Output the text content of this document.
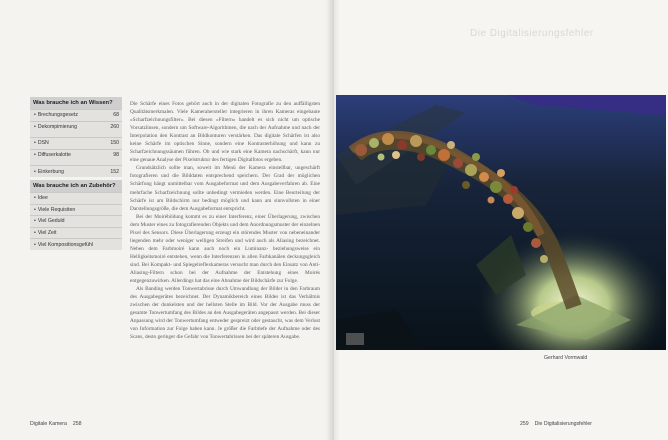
Was brauche ich an Wissen?
• Brechungsgesetz	68
• Dekompimierung	260
• DSN	150
• Diffuserkalotte	98
• Einkerbung	152
Was brauche ich an Zubehör?
• Idee
• Viele Requisiten
• Viel Geduld
• Viel Zeit
• Viel Kompositionsgefühl

Die Schärfe eines Fotos gehört auch in der digitalen Fotografie zu den auffälligsten Qualitätsmerkmalen. Viele Kamerahersteller integrieren in ihren Kameras eingebaute »Scharfzeichnungsfilter«. Bei diesen »Filtern« handelt es sich nicht um optische Vorsatzlinsen, sondern um Software-Algorithmen, die nach der Aufnahme und nach der Interpolation den Kontrast an Bildkonturen verstärken. Das digitale Schärfen ist also keine Schärfe im optischen Sinne, sondern eine Kontrasterhöhung und kann zu Scharfzeichnungssäumen führen. Ob und wie stark eine Kamera nachschärft, kann nur eine genaue Analyse der Pixelstruktur des fertigen Digitalfotos ergeben.

Grundsätzlich sollte man, soweit im Menü der Kamera einstellbar, ungeschärft fotografieren und die Bilddaten entsprechend speichern. Der Grad der möglichen Schärfung hängt unmittelbar vom Ausgabeformat und dem Ausgabeverfahren ab. Eine mehrfache Scharfzeichnung sollte unbedingt vermieden werden. Eine Beurteilung der Schärfe ist am Bildschirm nur bedingt möglich und kann am sinnvollsten in einer Darstellungsgröße, die dem Ausgabeformat entspricht.

Bei der Moirébildung kommt es zu einer Interferenz, einer Überlagerung, zwischen dem Muster eines zu fotografierenden Objekts und dem Anordnungsmuster der einzelnen Pixel des Sensors. Diese Überlagerung erzeugt ein störendes Muster von nebeneinander liegenden mehr oder weniger welligen Streifen und wird auch als Aliasing bezeichnet. Neben dem Farbmoiré kann auch noch ein Luminanz- beziehungsweise ein Helligkeitsmoiré entstehen, wenn die Interferenzen in allen Farbkanälen deckungsgleich sind. Bei Kompakt- und Spiegelreflexkameras versucht man durch den Einsatz von Anti-Aliasing-Filtern schon bei der Aufnahme der Entstehung eines Moirés entgegenzuwirken. Allerdings hat das eine Abnahme der Bildschärfe zur Folge.

Als Banding werden Tonwertabrisse durch Umwandlung der Bilder in den Farbraum des Ausgabegerätes bezeichnet. Der Dynamikbereich eines Bildes ist das Verhältnis zwischen der dunkelsten und der hellsten Stelle im Bild. Vor der Ausgabe muss der gesamte Tonwertumfang des Bildes an den Ausgabegeräten angepasst werden. Bei dieser Anpassung wird der Tonwertumfang entweder gespreizt oder gestaucht, was dem Verlust von Information zur Folge haben kann. Je größer die Farbtiefe der Aufnahme oder des Scans, desto geringer die Gefahr von Tonwertabrissen bei der späteren Ausgabe.

Digitale Kamera 258
Die Digitalisierungsfehler
Gerhard Vormwald
259 Die Digitalisierungsfehler
